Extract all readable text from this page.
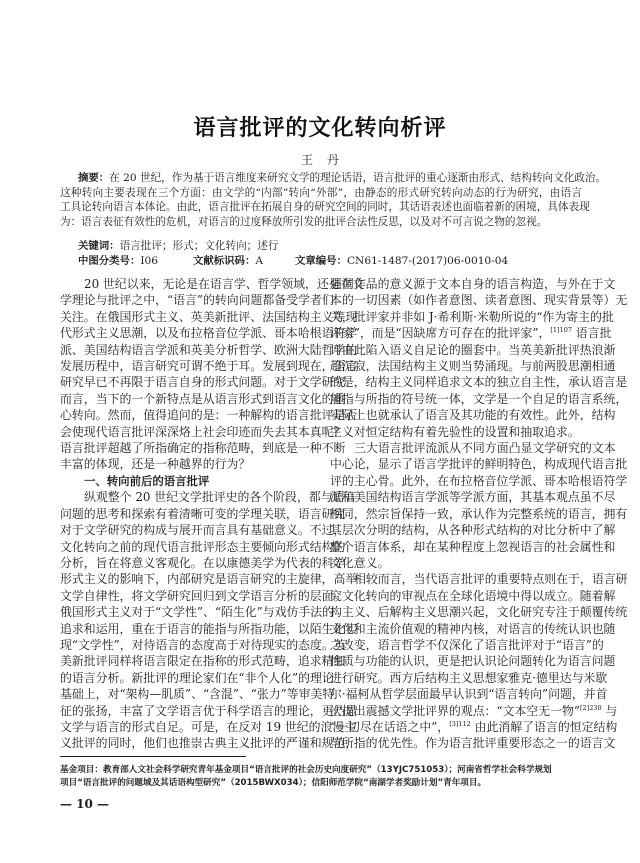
语言批评的文化转向析评
王丹
摘要：在 20 世纪，作为基于语言维度来研究文学的理论话语，语言批评的重心逐渐由形式、结构转向文化政治。
这种转向主要表现在三个方面：由文学的“内部”转向“外部”，由静态的形式研究转向动态的行为研究，由语言
工具论转向语言本体论。由此，语言批评在拓展自身的研究空间的同时，其话语表述也面临着新的困境，具体表现
为：语言表征有效性的危机，对语言的过度释放所引发的批评合法性反思，以及对不可言说之物的忽视。
关键词：语言批评；形式；文化转向；述行
中图分类号：I06	文献标识码：A	文章编号：CN61-1487-(2017)06-0010-04
20 世纪以来，无论是在语言学、哲学领域，还是在文
学理论与批评之中，“语言”的转向问题都备受学者们
关注。在俄国形式主义、英美新批评、法国结构主义等现
代形式主义思潮，以及布拉格音位学派、哥本哈根语符学
派、美国结构语言学派和英美分析哲学、欧洲大陆哲学的
发展历程中，语言研究可谓不绝于耳。发展到现在，语言
研究早已不再限于语言自身的形式问题。对于文学研究
而言，当下的一个新特点是从语言形式到语言文化的重
心转向。然而，值得追问的是：一种解构的语言批评是否
会使现代语言批评深深烙上社会印迹而失去其本真呢？
语言批评超越了所指确定的指称范畴，到底是一种不断
丰富的体现，还是一种越界的行为？
一、转向前后的语言批评
纵观整个 20 世纪文学批评史的各个阶段，都与语言
问题的思考和探索有着清晰可变的学理关联，语言研究
对于文学研究的构成与展开而言具有基础意义。不过，
文化转向之前的现代语言批评形态主要倾向形式结构的
分析，旨在将意义客观化。在以康德美学为代表的科学
形式主义的影响下，内部研究是语言研究的主旋律，高举
文学自律性，将文学研究回归到文学语言分析的层面。
俄国形式主义对于“文学性”、“陌生化”与戏仿手法的
追求和运用，重在于语言的能指与所指功能，以陌生化实
现“文学性”，对待语言的态度高于对待现实的态度。英
美新批评同样将语言限定在指称的形式范畴，追求精细
的语言分析。新批评的理论家们在“非个人化”的理论
基础上，对“架构—肌质”、“含混”、“张力”等审美特
征的张扬，丰富了文学语言优于科学语言的理论，更凸显
文学与语言的形式自足。可是，在反对 19 世纪的浪漫主
义批评的同时，他们也推崇古典主义批评的严谨和规范，
强调作品的意义源于文本自身的语言构造，与外在于文
本的一切因素（如作者意图、读者意图、现实背景等）无
关，批评家并非如 J·希利斯·米勒所说的“作为寄主的批
评家”，而是“因缺席方可存在的批评家”，$^{[1]107}$ 语言批
评由此陷入语义自足论的圈套中。当英美新批评热浪渐
趋沉寂，法国结构主义则当势涌现。与前两股思潮相通
的是，结构主义同样追求文本的独立自主性，承认语言是
能指与所指的符号统一体，文学是一个自足的语言系统，
实际上也就承认了语言及其功能的有效性。此外，结构
主义对恒定结构有着先验性的设置和抽取追求。
三大语言批评流派从不同方面凸显文学研究的文本
中心论，显示了语言学批评的鲜明特色，构成现代语言批
评的主心骨。此外，在布拉格音位学派、哥本哈根语符学
派和美国结构语言学派等学派方面，其基本观点虽不尽
相同，然宗旨保持一致，承认作为完整系统的语言，拥有
其层次分明的结构，从各种形式结构的对比分析中了解
整个语言体系，却在某种程度上忽视语言的社会属性和
文化意义。
相较而言，当代语言批评的重要特点则在于，语言研
究文化转向的审视点在全球化语境中得以成立。随着解
构主义、后解构主义思潮兴起，文化研究专注于颠覆传统
文化和主流价值观的精神内核，对语言的传统认识也随
之改变，语言哲学不仅深化了语言批评对于“语言”的
性质与功能的认识，更是把认识论问题转化为语言问题
进行研究。西方后结构主义思想家雅克·德里达与米歇
尔·福柯从哲学层面最早认识到“语言转向”问题，并首
次提出震撼文学批评界的观点：“文本空无一物”$^{[2]230}$ 与
“一切尽在话语之中”，$^{[3]112}$ 由此消解了语言的恒定结构
与所指的优先性。作为语言批评重要形态之一的语言文
基金项目：教育部人文社会科学研究青年基金项目“语言批评的社会历史向度研究”（13YJC751053）；河南省哲学社会科学规划
项目“语言批评的问题域及其话语构型研究”（2015BWX034）；信阳师范学院“南湖学者奖励计划”青年项目。
— 10 —
